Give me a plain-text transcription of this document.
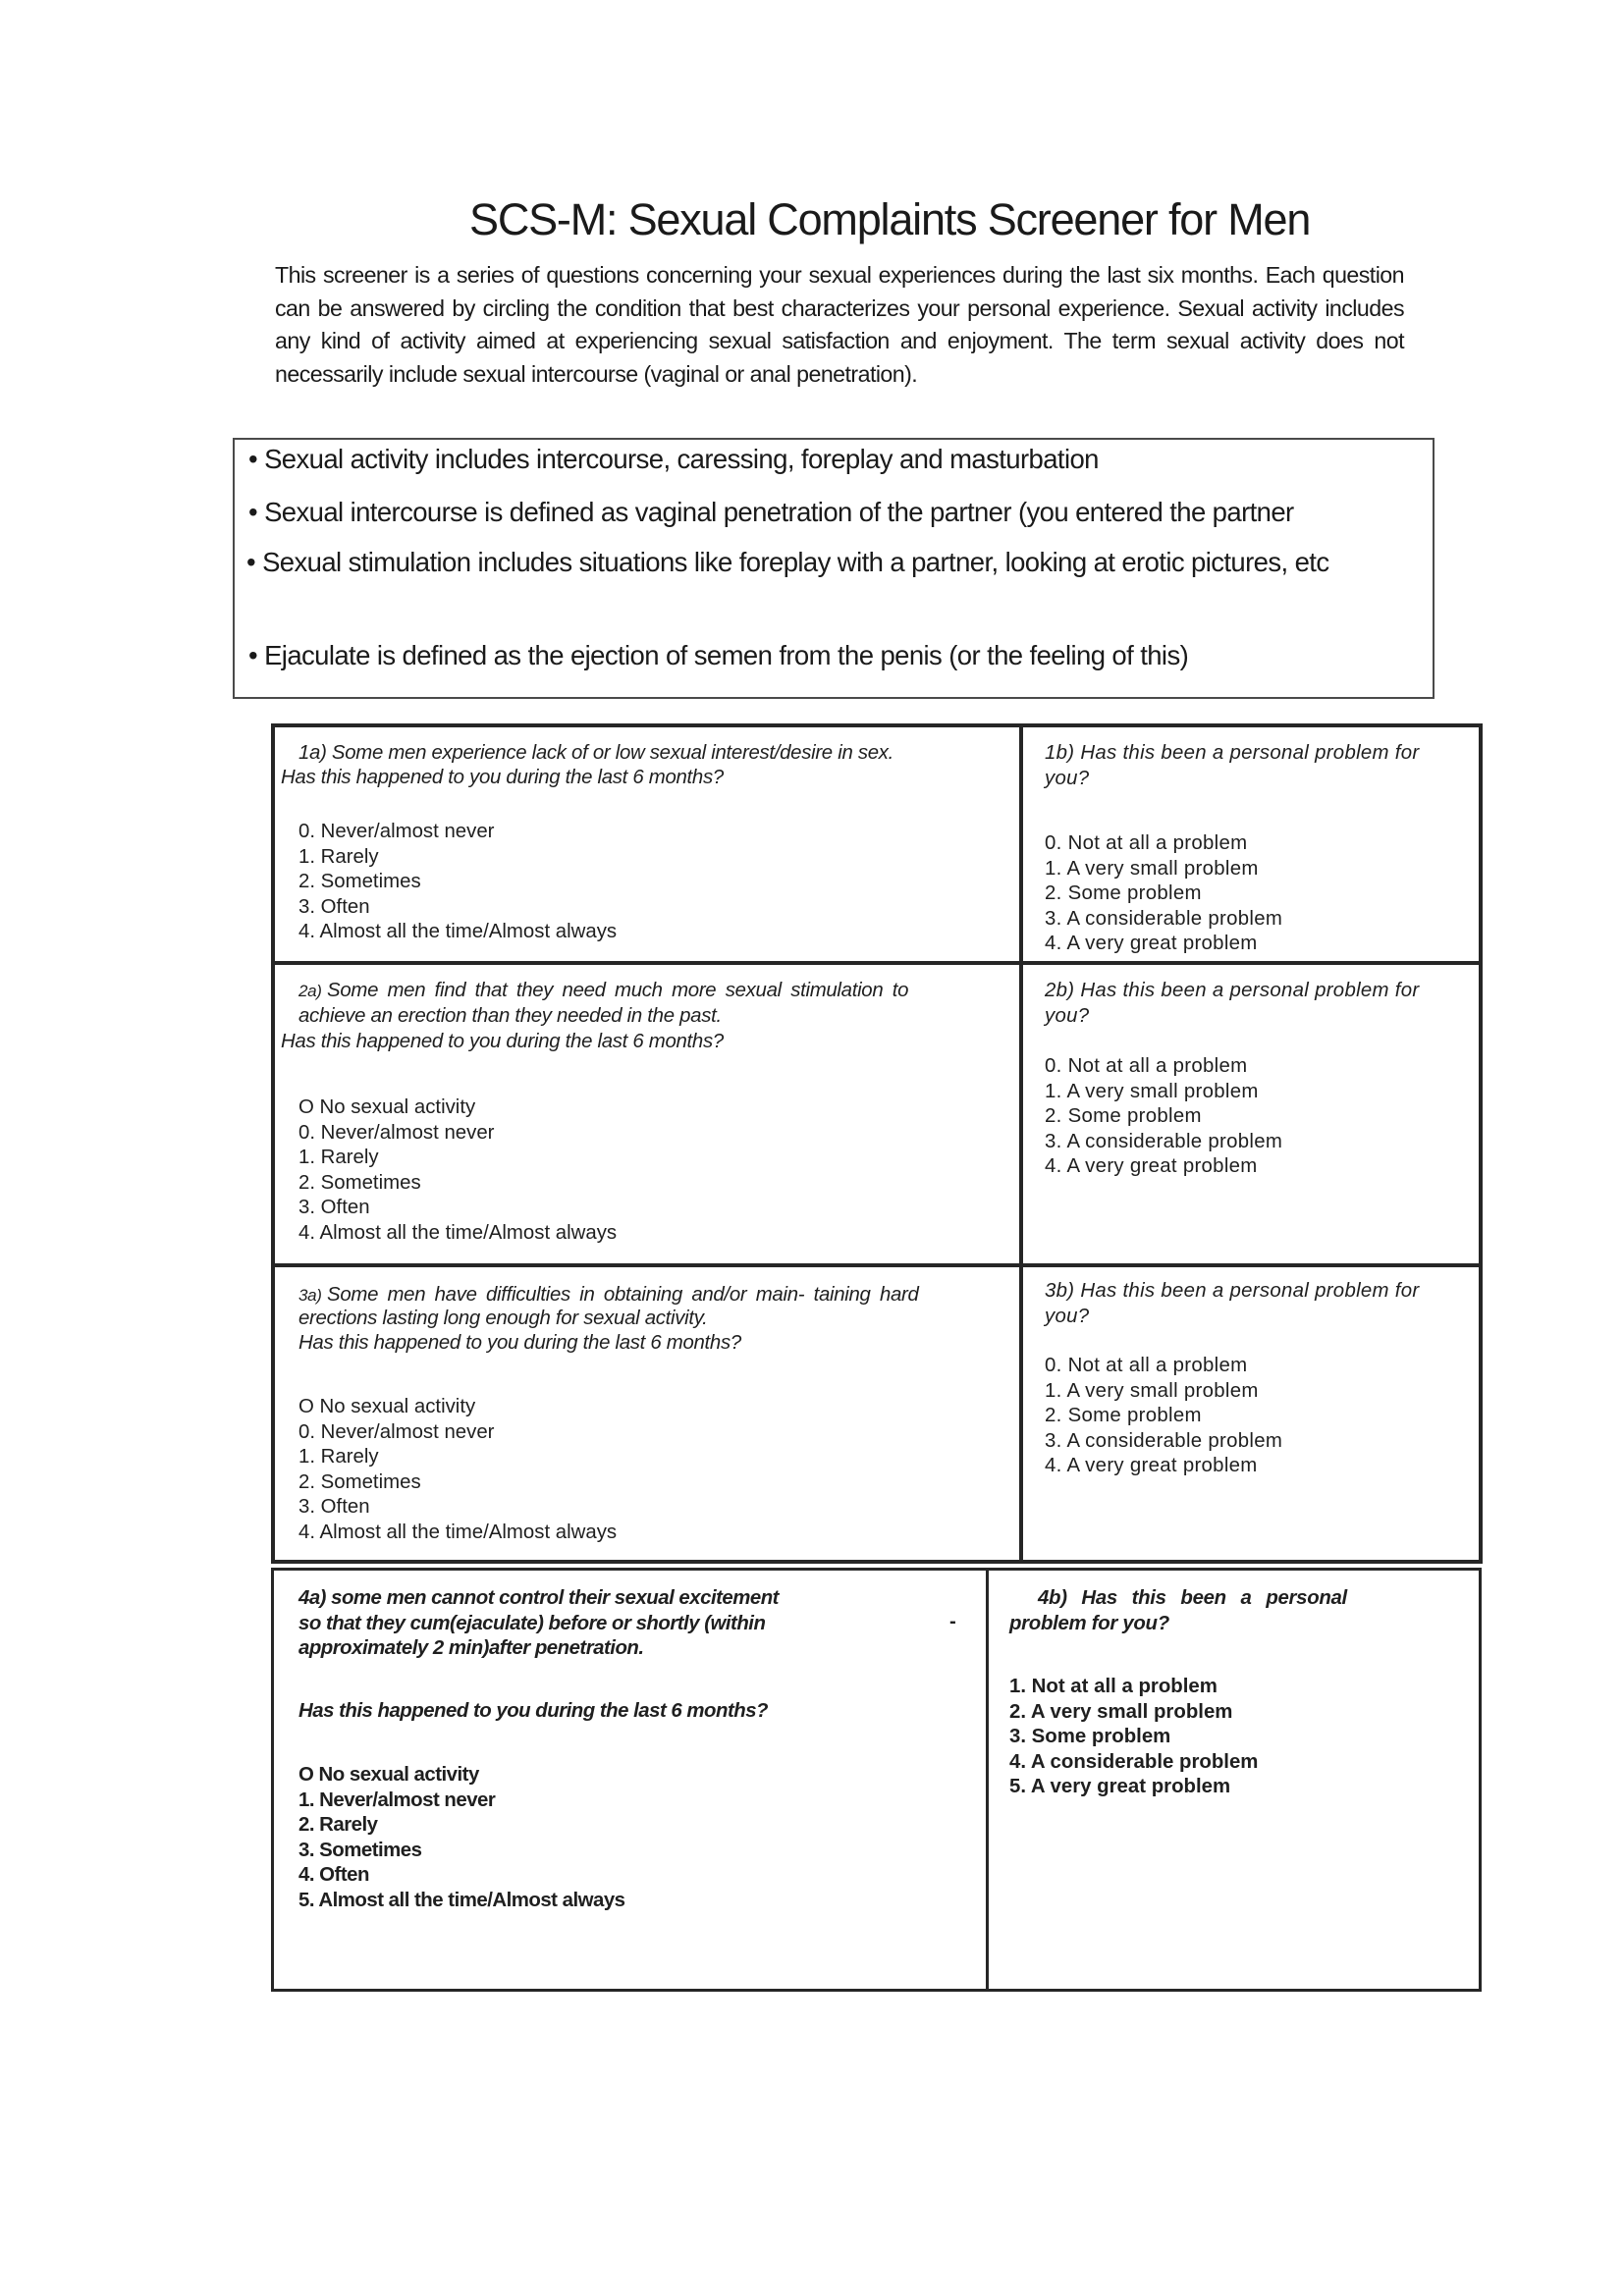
SCS-M: Sexual Complaints Screener for Men
This screener is a series of questions concerning your sexual experiences during the last six months. Each question can be answered by circling the condition that best characterizes your personal experience. Sexual activity includes any kind of activity aimed at experiencing sexual satisfaction and enjoyment. The term sexual activity does not necessarily include sexual intercourse (vaginal or anal penetration).
• Sexual activity includes intercourse, caressing, foreplay and masturbation
• Sexual intercourse is defined as vaginal penetration of the partner (you entered the partner
• Sexual stimulation includes situations like foreplay with a partner, looking at erotic pictures, etc
• Ejaculate is defined as the ejection of semen from the penis (or the feeling of this)
1a) Some men experience lack of or low sexual interest/desire in sex.
Has this happened to you during the last 6 months?
0. Never/almost never
1. Rarely
2. Sometimes
3. Often
4. Almost all the time/Almost always
1b) Has this been a personal problem for you?
0. Not at all a problem
1. A very small problem
2. Some problem
3. A considerable problem
4. A very great problem
2a) Some men find that they need much more sexual stimulation to
achieve an erection than they needed in the past.
Has this happened to you during the last 6 months?
O No sexual activity
0. Never/almost never
1. Rarely
2. Sometimes
3. Often
4. Almost all the time/Almost always
2b) Has this been a personal problem for you?
0. Not at all a problem
1. A very small problem
2. Some problem
3. A considerable problem
4. A very great problem
3a) Some men have difficulties in obtaining and/or main- taining hard
erections lasting long enough for sexual activity.
Has this happened to you during the last 6 months?
O No sexual activity
0. Never/almost never
1. Rarely
2. Sometimes
3. Often
4. Almost all the time/Almost always
3b) Has this been a personal problem for you?
0. Not at all a problem
1. A very small problem
2. Some problem
3. A considerable problem
4. A very great problem
4a) some men cannot control their sexual excitement
so that they cum(ejaculate) before or shortly (within	-
approximately 2 min)after penetration.
Has this happened to you during the last 6 months?
O No sexual activity
1. Never/almost never
2. Rarely
3. Sometimes
4. Often
5. Almost all the time/Almost always
4b)  Has  this  been  a  personal
problem for you?
1. Not at all a problem
2. A very small problem
3. Some problem
4. A considerable problem
5. A very great problem
